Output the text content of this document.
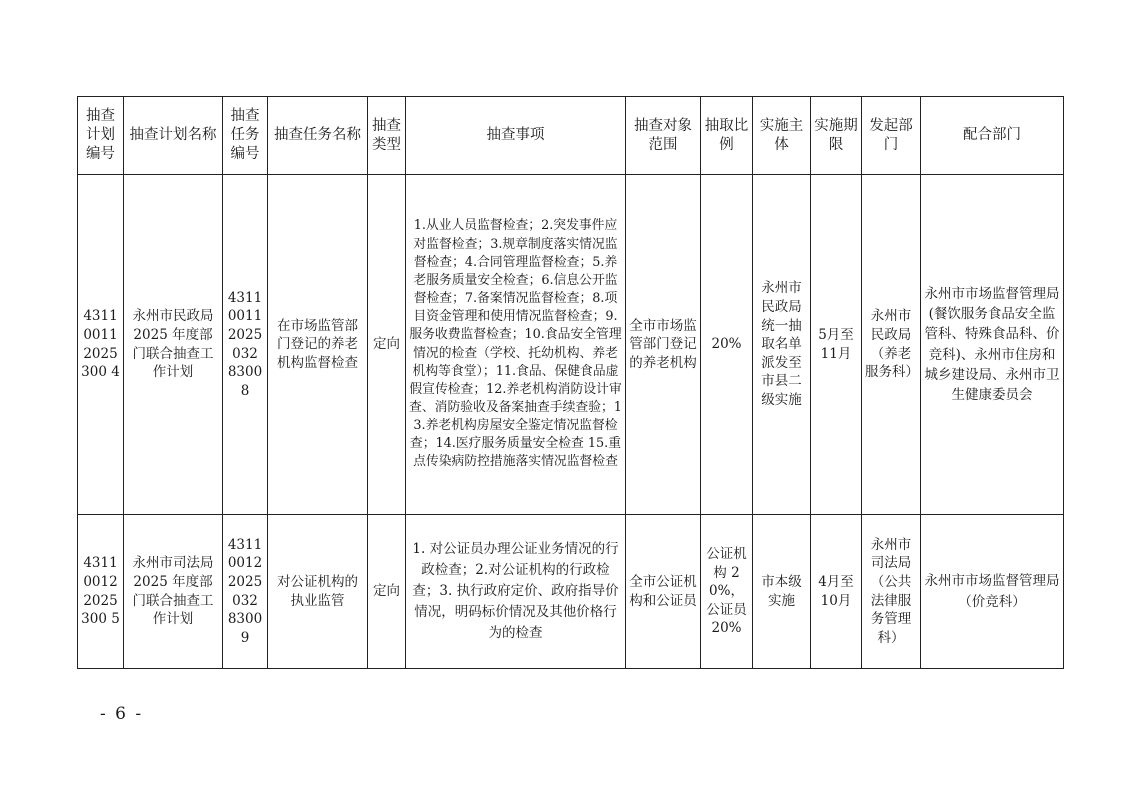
抽查计划编号	抽查计划名称	抽查任务编号	抽查任务名称	抽查类型	抽查事项	抽查对象范围	抽取比例	实施主体	实施期限	发起部门	配合部门
431100112025300 4	永州市民政局 2025 年度部门联合抽查工作计划	431100112025032 83008	在市场监管部门登记的养老机构监督检查	定向	1.从业人员监督检查；2.突发事件应对监督检查；3.规章制度落实情况监督检查；4.合同管理监督检查；5.养老服务质量安全检查；6.信息公开监督检查；7.备案情况监督检查；8.项目资金管理和使用情况监督检查；9.服务收费监督检查；10.食品安全管理情况的检查（学校、托幼机构、养老机构等食堂）；11.食品、保健食品虚假宣传检查；12.养老机构消防设计审查、消防验收及备案抽查手续查验；13.养老机构房屋安全鉴定情况监督检查；14.医疗服务质量安全检查 15.重点传染病防控措施落实情况监督检查	全市市场监管部门登记的养老机构	20%	永州市民政局统一抽取名单派发至市县二级实施	5月至11月	永州市民政局（养老服务科）	永州市市场监督管理局(餐饮服务食品安全监管科、特殊食品科、价竞科)、永州市住房和城乡建设局、永州市卫生健康委员会
431100122025300 5	永州市司法局 2025 年度部门联合抽查工作计划	431100122025032 83009	对公证机构的执业监管	定向	1. 对公证员办理公证业务情况的行政检查；2.对公证机构的行政检查；3. 执行政府定价、政府指导价情况，明码标价情况及其他价格行为的检查	全市公证机构和公证员	公证机构 20%，公证员 20%	市本级实施	4月至10月	永州市司法局（公共法律服务管理科）	永州市市场监督管理局（价竞科）
- 6 -
